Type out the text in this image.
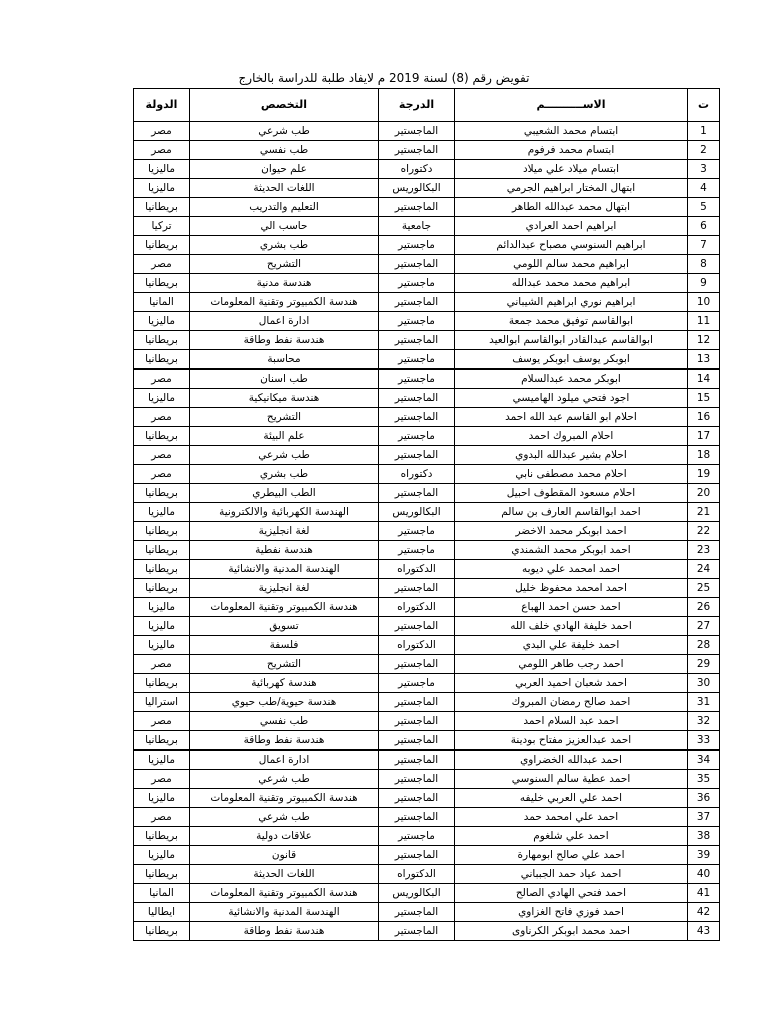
تفويض رقم (8) لسنة 2019 م لايفاد طلبة للدراسة بالخارج
ت	الاســــــــــم	الدرجة	التخصص	الدولة
1	ابتسام محمد الشعيبي	الماجستير	طب شرعي	مصر
2	ابتسام محمد فرفوم	الماجستير	طب نفسي	مصر
3	ابتسام ميلاد علي ميلاد	دكتوراه	علم حيوان	ماليزيا
4	ابتهال المختار ابراهيم الجرمي	البكالوريس	اللغات الحديثة	ماليزيا
5	ابتهال محمد عبدالله الطاهر	الماجستير	التعليم والتدريب	بريطانيا
6	ابراهيم احمد العرادي	جامعية	حاسب الي	تركيا
7	ابراهيم السنوسي مصباح عبدالدائم	ماجستير	طب بشري	بريطانيا
8	ابراهيم محمد سالم اللومي	الماجستير	التشريح	مصر
9	ابراهيم محمد محمد عبدالله	ماجستير	هندسة مدنية	بريطانيا
10	ابراهيم نوري ابراهيم الشيباني	الماجستير	هندسة الكمبيوتر وتقنية المعلومات	المانيا
11	ابوالقاسم توفيق محمد جمعة	ماجستير	ادارة اعمال	ماليزيا
12	ابوالقاسم عبدالقادر ابوالقاسم ابوالعيد	الماجستير	هندسة نفط وطاقة	بريطانيا
13	ابوبكر يوسف ابوبكر يوسف	ماجستير	محاسبة	بريطانيا
14	ابوبكر محمد عبدالسلام	ماجستير	طب اسنان	مصر
15	اجود فتحي ميلود الهاميسي	الماجستير	هندسة ميكانيكية	ماليزيا
16	احلام ابو القاسم عبد الله احمد	الماجستير	التشريح	مصر
17	احلام المبروك احمد	ماجستير	علم البيئة	بريطانيا
18	احلام بشير عبدالله البدوي	الماجستير	طب شرعي	مصر
19	احلام محمد مصطفى نابي	دكتوراه	طب بشري	مصر
20	احلام مسعود المقطوف احبيل	الماجستير	الطب البيطري	بريطانيا
21	احمد ابوالقاسم العارف بن سالم	البكالوريس	الهندسة الكهربائية والالكترونية	ماليزيا
22	احمد ابوبكر محمد الاخضر	ماجستير	لغة انجليزية	بريطانيا
23	احمد ابوبكر محمد الشمندي	ماجستير	هندسة نفطية	بريطانيا
24	احمد امحمد علي ديوبه	الدكتوراه	الهندسة المدنية والانشائية	بريطانيا
25	احمد امحمد محفوظ خليل	الماجستير	لغة انجليزية	بريطانيا
26	احمد حسن احمد الهباع	الدكتوراه	هندسة الكمبيوتر وتقنية المعلومات	ماليزيا
27	احمد خليفة الهادي خلف الله	الماجستير	تسويق	ماليزيا
28	احمد خليفة علي البدي	الدكتوراه	فلسفة	ماليزيا
29	احمد رجب طاهر اللومي	الماجستير	التشريح	مصر
30	احمد شعبان احميد العربي	ماجستير	هندسة كهربائية	بريطانيا
31	احمد صالح رمضان المبروك	الماجستير	هندسة حيوية/طب حيوي	استراليا
32	احمد عبد السلام احمد	الماجستير	طب نفسي	مصر
33	احمد عبدالعزيز مفتاح بودينة	الماجستير	هندسة نفط وطاقة	بريطانيا
34	احمد عبدالله الخضراوي	الماجستير	ادارة اعمال	ماليزيا
35	احمد عطية سالم السنوسي	الماجستير	طب شرعي	مصر
36	احمد علي العربي خليفه	الماجستير	هندسة الكمبيوتر وتقنية المعلومات	ماليزيا
37	احمد علي امحمد حمد	الماجستير	طب شرعي	مصر
38	احمد علي شلغوم	ماجستير	علاقات دولية	بريطانيا
39	احمد علي صالح ابومهارة	الماجستير	قانون	ماليزيا
40	احمد عياد حمد الجبباني	الدكتوراه	اللغات الحديثة	بريطانيا
41	احمد فتحي الهادي الصالح	البكالوريس	هندسة الكمبيوتر وتقنية المعلومات	المانيا
42	احمد فوزي فاتح الغزاوي	الماجستير	الهندسة المدنية والانشائية	ايطاليا
43	احمد محمد ابوبكر الكرناوى	الماجستير	هندسة نفط وطاقة	بريطانيا
